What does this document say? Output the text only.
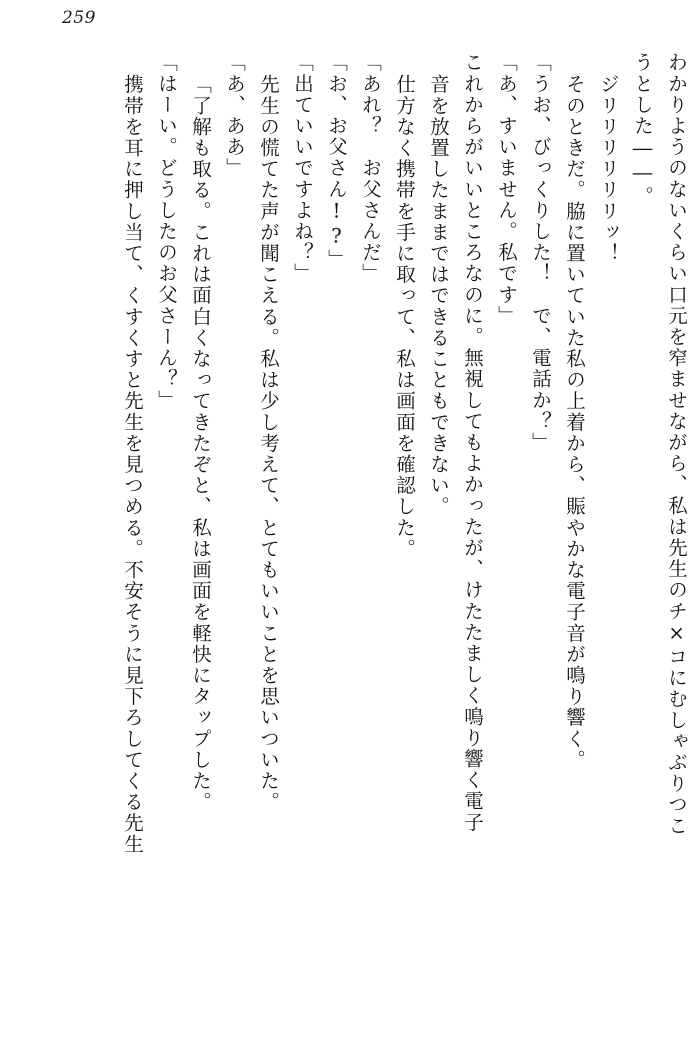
259
わかりようのないくらい口元を窄ませながら、私は先生のチ×コにむしゃぶりつこ
うとした――。
ジリリリリリリッ！
そのときだ。脇に置いていた私の上着から、賑やかな電子音が鳴り響く。
「うお、びっくりした！　で、電話か？」
「あ、すいません。私です」
これからがいいところなのに。無視してもよかったが、けたたましく鳴り響く電子
音を放置したままではできることもできない。
仕方なく携帯を手に取って、私は画面を確認した。
「あれ？　お父さんだ」
「お、お父さん!?」
「出ていいですよね？」
先生の慌てた声が聞こえる。私は少し考えて、とてもいいことを思いついた。
「あ、ああ」
「了解も取る。これは面白くなってきたぞと、私は画面を軽快にタップした。
「はーい。どうしたのお父さーん？」
携帯を耳に押し当て、くすくすと先生を見つめる。不安そうに見下ろしてくる先生
